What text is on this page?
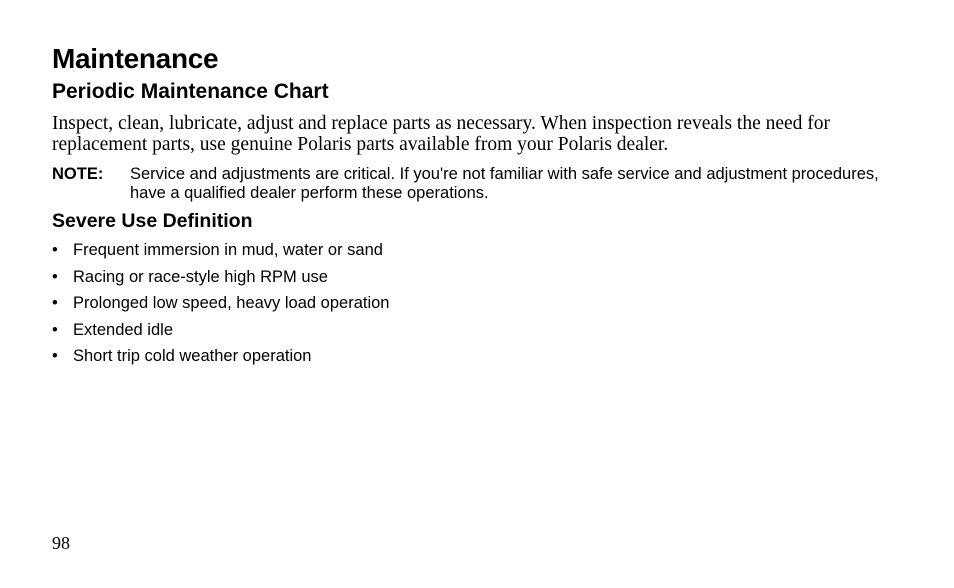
Maintenance
Periodic Maintenance Chart

Inspect, clean, lubricate, adjust and replace parts as necessary. When inspection reveals the need for replacement parts, use genuine Polaris parts available from your Polaris dealer.

NOTE:	Service and adjustments are critical. If you're not familiar with safe service and adjustment procedures, have a qualified dealer perform these operations.
Severe Use Definition
• Frequent immersion in mud, water or sand
• Racing or race-style high RPM use
• Prolonged low speed, heavy load operation
• Extended idle
• Short trip cold weather operation
98
